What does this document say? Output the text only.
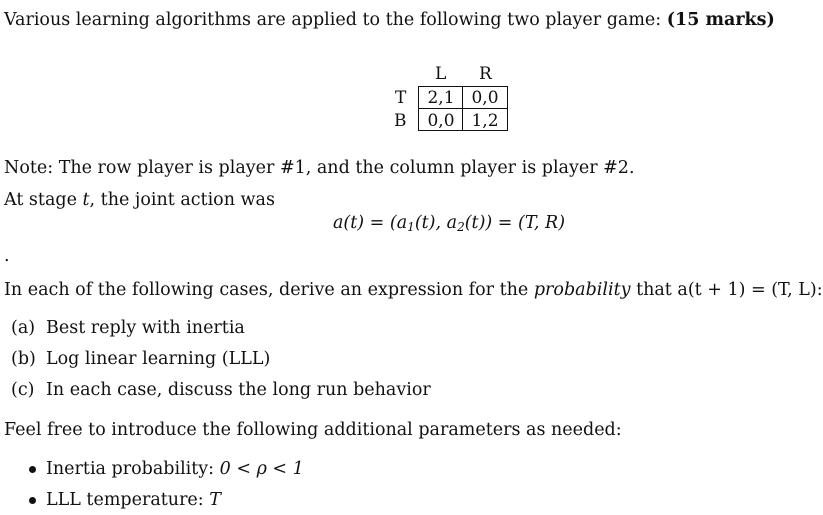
Various learning algorithms are applied to the following two player game: (15 marks)
L R
T
B
2,1 0,0
0,0 1,2
Note: The row player is player #1, and the column player is player #2.
At stage t, the joint action was
$a(t) = (a_1(t)$, $a_2(t)) = (T$, R)
.
In each of the following cases, derive an expression for the probability that a(t + 1) = (T, L):
(a) Best reply with inertia
(b) Log linear learning (LLL)
(c) In each case, discuss the long run behavior
Feel free to introduce the following additional parameters as needed:
Inertia probability: 0 < ρ < 1
LLL temperature: T
